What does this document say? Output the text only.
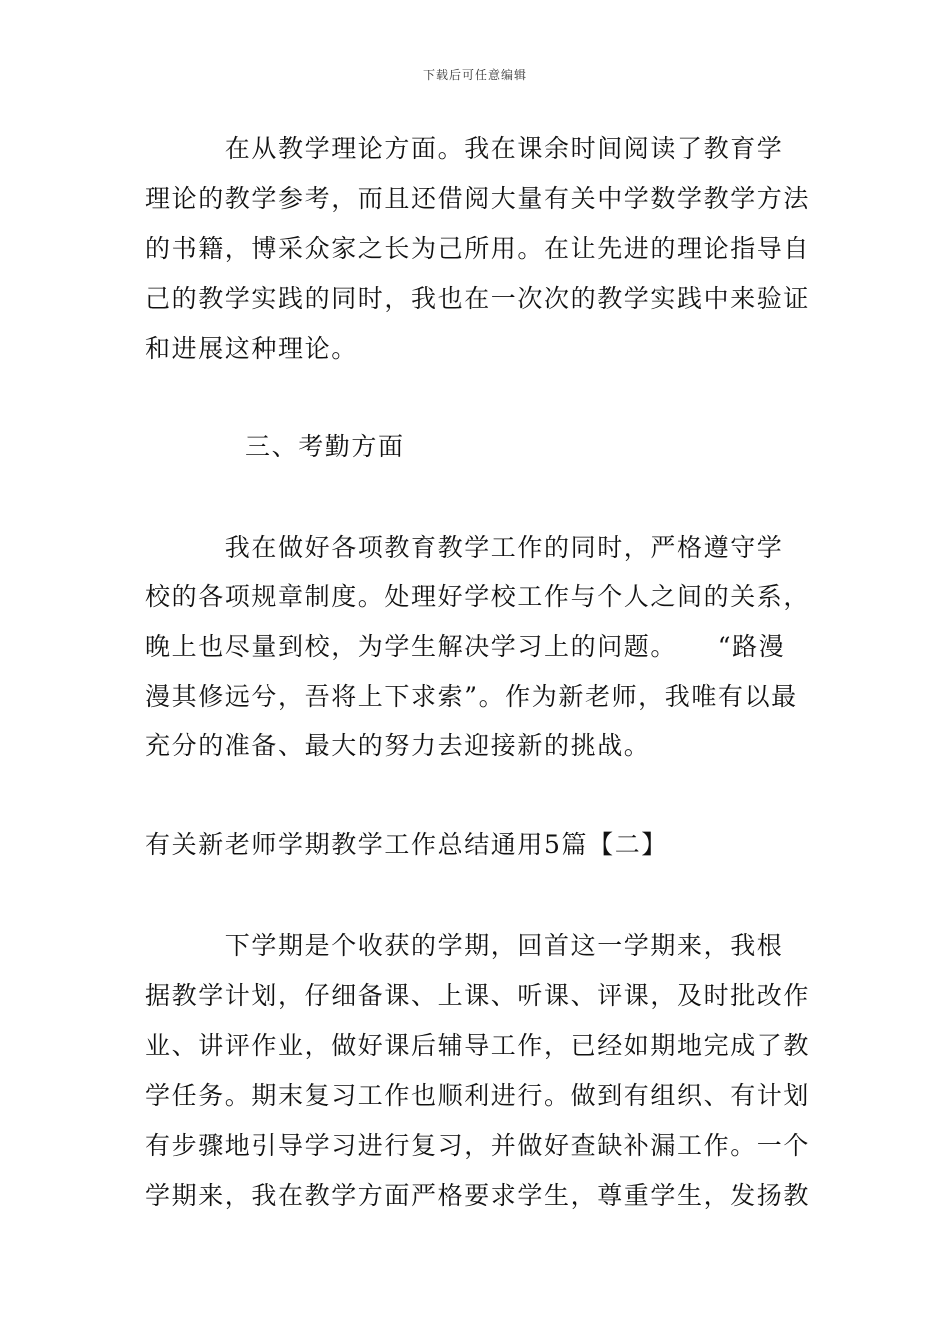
下载后可任意编辑
　　　在从教学理论方面。我在课余时间阅读了教育学
理论的教学参考，而且还借阅大量有关中学数学教学方法
的书籍，博采众家之长为己所用。在让先进的理论指导自
己的教学实践的同时，我也在一次次的教学实践中来验证
和进展这种理论。
三、考勤方面
　　　我在做好各项教育教学工作的同时，严格遵守学
校的各项规章制度。处理好学校工作与个人之间的关系，
晚上也尽量到校，为学生解决学习上的问题。　　“路漫
漫其修远兮，吾将上下求索”。作为新老师，我唯有以最
充分的准备、最大的努力去迎接新的挑战。
有关新老师学期教学工作总结通用5篇【二】
　　　下学期是个收获的学期，回首这一学期来，我根
据教学计划，仔细备课、上课、听课、评课，及时批改作
业、讲评作业，做好课后辅导工作，已经如期地完成了教
学任务。期末复习工作也顺利进行。做到有组织、有计划
有步骤地引导学习进行复习，并做好查缺补漏工作。一个
学期来，我在教学方面严格要求学生，尊重学生，发扬教
